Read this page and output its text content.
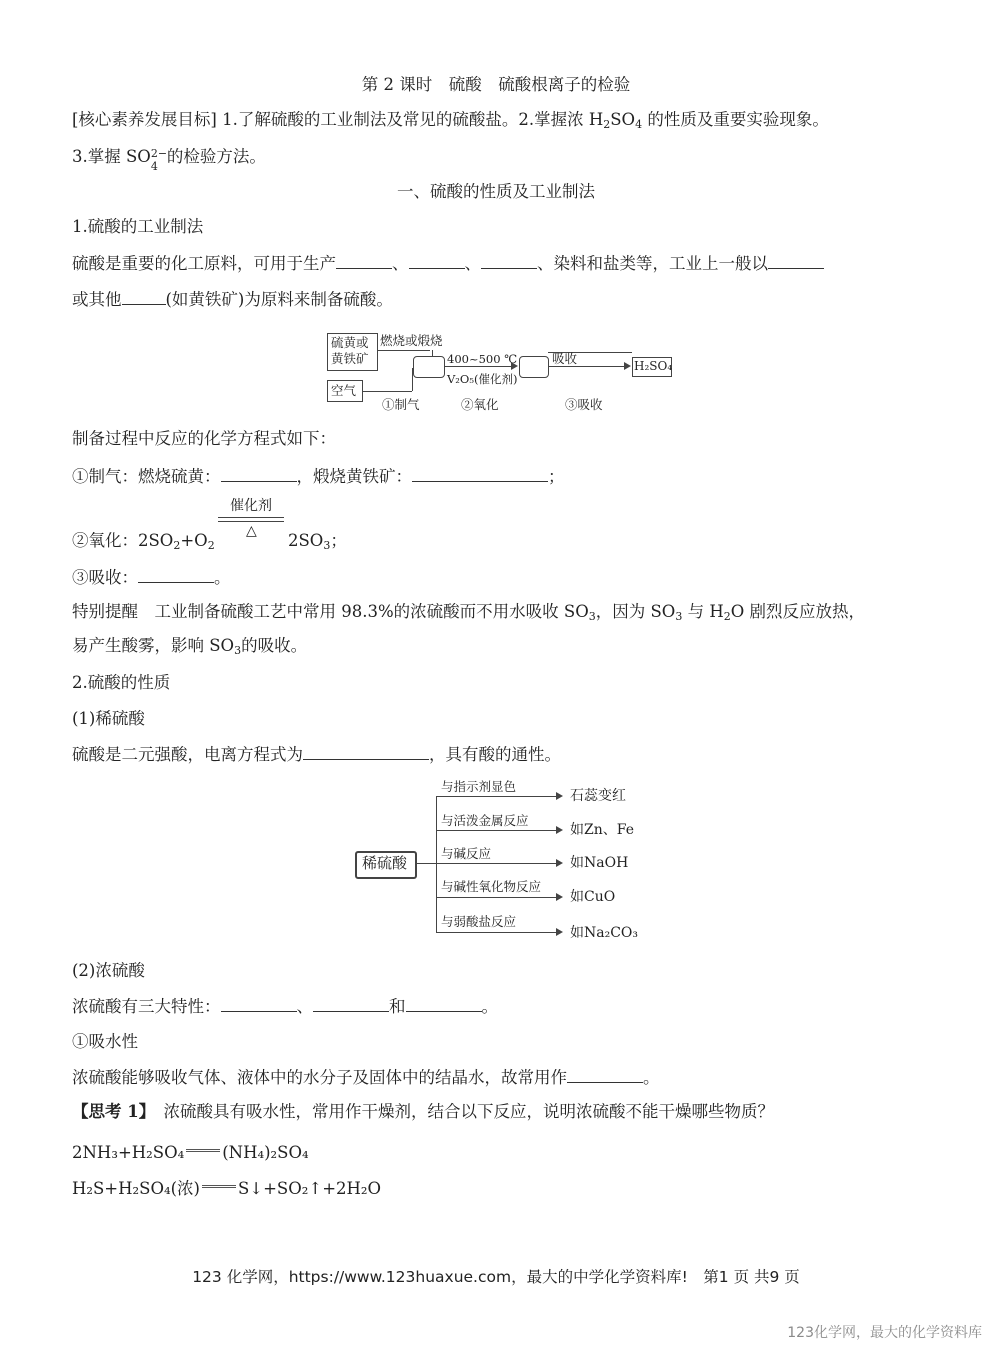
第 2 课时　硫酸　硫酸根离子的检验
[核心素养发展目标] 1.了解硫酸的工业制法及常见的硫酸盐。2.掌握浓 $H_2SO_4$ 的性质及重要实验现象。
3.掌握 SO 2−
4
的检验方法。
一、硫酸的性质及工业制法
1.硫酸的工业制法
硫酸是重要的化工原料，可用于生产	、	、	、染料和盐类等，工业上一般以
或其他	(如黄铁矿)为原料来制备硫酸。
硫黄或
黄铁矿
燃烧或煅烧
空气
400~500 ℃
V₂O₅(催化剂)
吸收	H₂SO₄
①制气	②氧化	③吸收
制备过程中反应的化学方程式如下：
①制气：燃烧硫黄：	，煅烧黄铁矿：	；
催化剂
△
②氧化：$2SO_2+O_2$	$2SO_3$；
③吸收：	。
特别提醒　工业制备硫酸工艺中常用 98.3%的浓硫酸而不用水吸收 $SO_3$，因为 $SO_3$ 与 $H_2O$ 剧烈反应放热，
易产生酸雾，影响 $SO_3$的吸收。
2.硫酸的性质
(1)稀硫酸
硫酸是二元强酸，电离方程式为	，具有酸的通性。
稀硫酸
与指示剂显色
石蕊变红
与活泼金属反应
如Zn、Fe
与碱反应
如NaOH
与碱性氧化物反应
如CuO
与弱酸盐反应
如Na₂CO₃
(2)浓硫酸
浓硫酸有三大特性：	、	和	。
①吸水性
浓硫酸能够吸收气体、液体中的水分子及固体中的结晶水，故常用作	。
【思考 1】　浓硫酸具有吸水性，常用作干燥剂，结合以下反应，说明浓硫酸不能干燥哪些物质？
2NH₃+H₂SO₄ (NH₄)₂SO₄
H₂S+H₂SO₄(浓) S↓+SO₂↑+2H₂O
123 化学网，https://www.123huaxue.com，最大的中学化学资料库!　第1 页 共9 页
123化学网，最大的化学资料库
